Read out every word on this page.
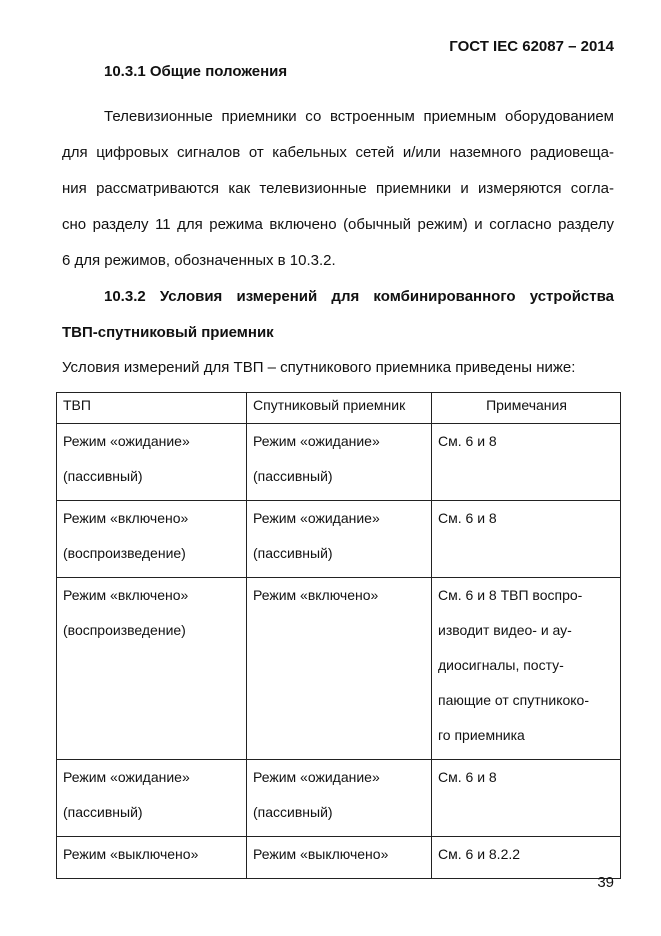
ГОСТ IEC 62087 – 2014
10.3.1 Общие положения
Телевизионные приемники со встроенным приемным оборудованием
для цифровых сигналов от кабельных сетей и/или наземного радиовеща-
ния рассматриваются как телевизионные приемники и измеряются согла-
сно разделу 11 для режима включено (обычный режим) и согласно разделу
6 для режимов, обозначенных в 10.3.2.
10.3.2 Условия измерений для комбинированного устройства
ТВП-спутниковый приемник
Условия измерений для ТВП – спутникового приемника приведены ниже:
ТВП	Спутниковый приемник	Примечания

Режим «ожидание»
(пассивный)	Режим «ожидание»
(пассивный)	См. 6 и 8

Режим «включено»
(воспроизведение)	Режим «ожидание»
(пассивный)	См. 6 и 8

Режим «включено»
(воспроизведение)	Режим «включено»	См. 6 и 8 ТВП воспро-
изводит видео- и ау-
диосигналы, посту-
пающие от спутникоко-
го приемника

Режим «ожидание»
(пассивный)	Режим «ожидание»
(пассивный)	См. 6 и 8

Режим «выключено»	Режим «выключено»	См. 6 и 8.2.2
39
